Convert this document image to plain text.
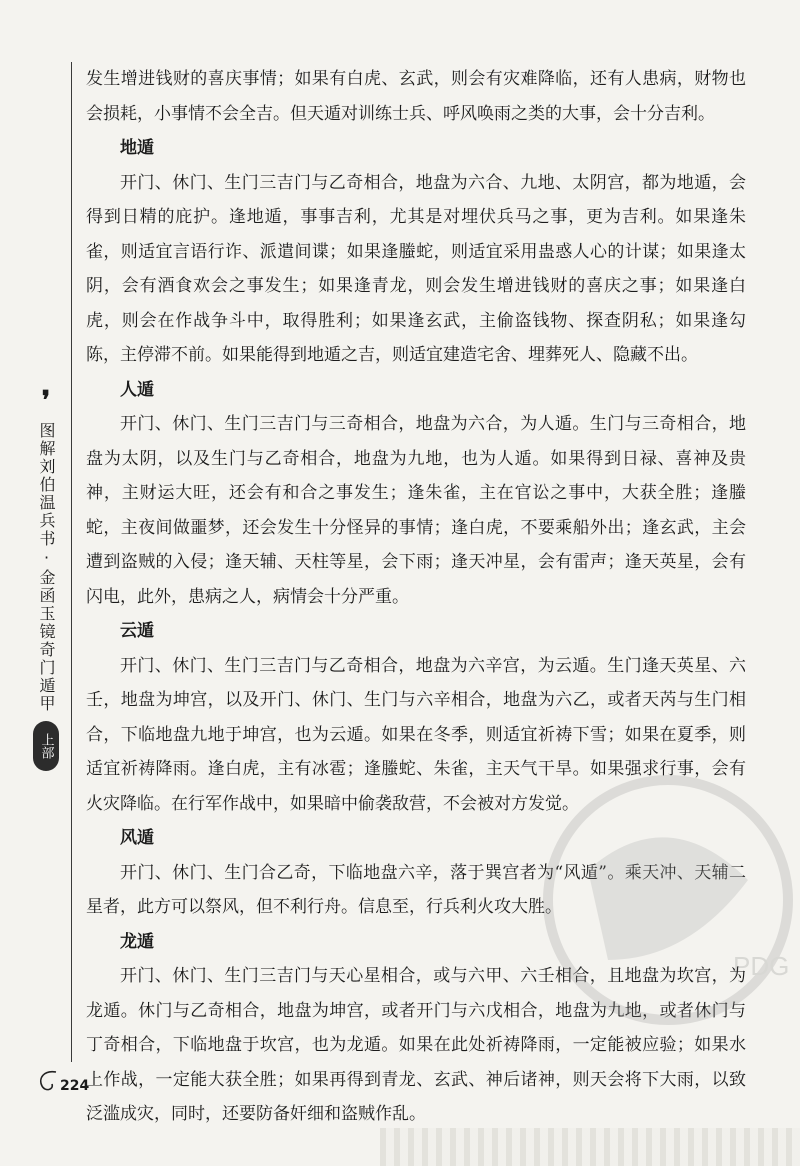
❜
图解刘伯温兵书·金函玉镜奇门遁甲
上部

发生增进钱财的喜庆事情；如果有白虎、玄武，则会有灾难降临，还有人患病，财物也会损耗，小事情不会全吉。但天遁对训练士兵、呼风唤雨之类的大事，会十分吉利。

地遁

开门、休门、生门三吉门与乙奇相合，地盘为六合、九地、太阴宫，都为地遁，会得到日精的庇护。逢地遁，事事吉利，尤其是对埋伏兵马之事，更为吉利。如果逢朱雀，则适宜言语行诈、派遣间谍；如果逢螣蛇，则适宜采用蛊惑人心的计谋；如果逢太阴，会有酒食欢会之事发生；如果逢青龙，则会发生增进钱财的喜庆之事；如果逢白虎，则会在作战争斗中，取得胜利；如果逢玄武，主偷盗钱物、探查阴私；如果逢勾陈，主停滞不前。如果能得到地遁之吉，则适宜建造宅舍、埋葬死人、隐藏不出。

人遁

开门、休门、生门三吉门与三奇相合，地盘为六合，为人遁。生门与三奇相合，地盘为太阴，以及生门与乙奇相合，地盘为九地，也为人遁。如果得到日禄、喜神及贵神，主财运大旺，还会有和合之事发生；逢朱雀，主在官讼之事中，大获全胜；逢螣蛇，主夜间做噩梦，还会发生十分怪异的事情；逢白虎，不要乘船外出；逢玄武，主会遭到盗贼的入侵；逢天辅、天柱等星，会下雨；逢天冲星，会有雷声；逢天英星，会有闪电，此外，患病之人，病情会十分严重。

云遁

开门、休门、生门三吉门与乙奇相合，地盘为六辛宫，为云遁。生门逢天英星、六壬，地盘为坤宫，以及开门、休门、生门与六辛相合，地盘为六乙，或者天芮与生门相合，下临地盘九地于坤宫，也为云遁。如果在冬季，则适宜祈祷下雪；如果在夏季，则适宜祈祷降雨。逢白虎，主有冰雹；逢螣蛇、朱雀，主天气干旱。如果强求行事，会有火灾降临。在行军作战中，如果暗中偷袭敌营，不会被对方发觉。

风遁

开门、休门、生门合乙奇，下临地盘六辛，落于巽宫者为“风遁”。乘天冲、天辅二星者，此方可以祭风，但不利行舟。信息至，行兵利火攻大胜。

龙遁

开门、休门、生门三吉门与天心星相合，或与六甲、六壬相合，且地盘为坎宫，为龙遁。休门与乙奇相合，地盘为坤宫，或者开门与六戊相合，地盘为九地，或者休门与丁奇相合，下临地盘于坎宫，也为龙遁。如果在此处祈祷降雨，一定能被应验；如果水上作战，一定能大获全胜；如果再得到青龙、玄武、神后诸神，则天会将下大雨，以致泛滥成灾，同时，还要防备奸细和盗贼作乱。

PDG
224
